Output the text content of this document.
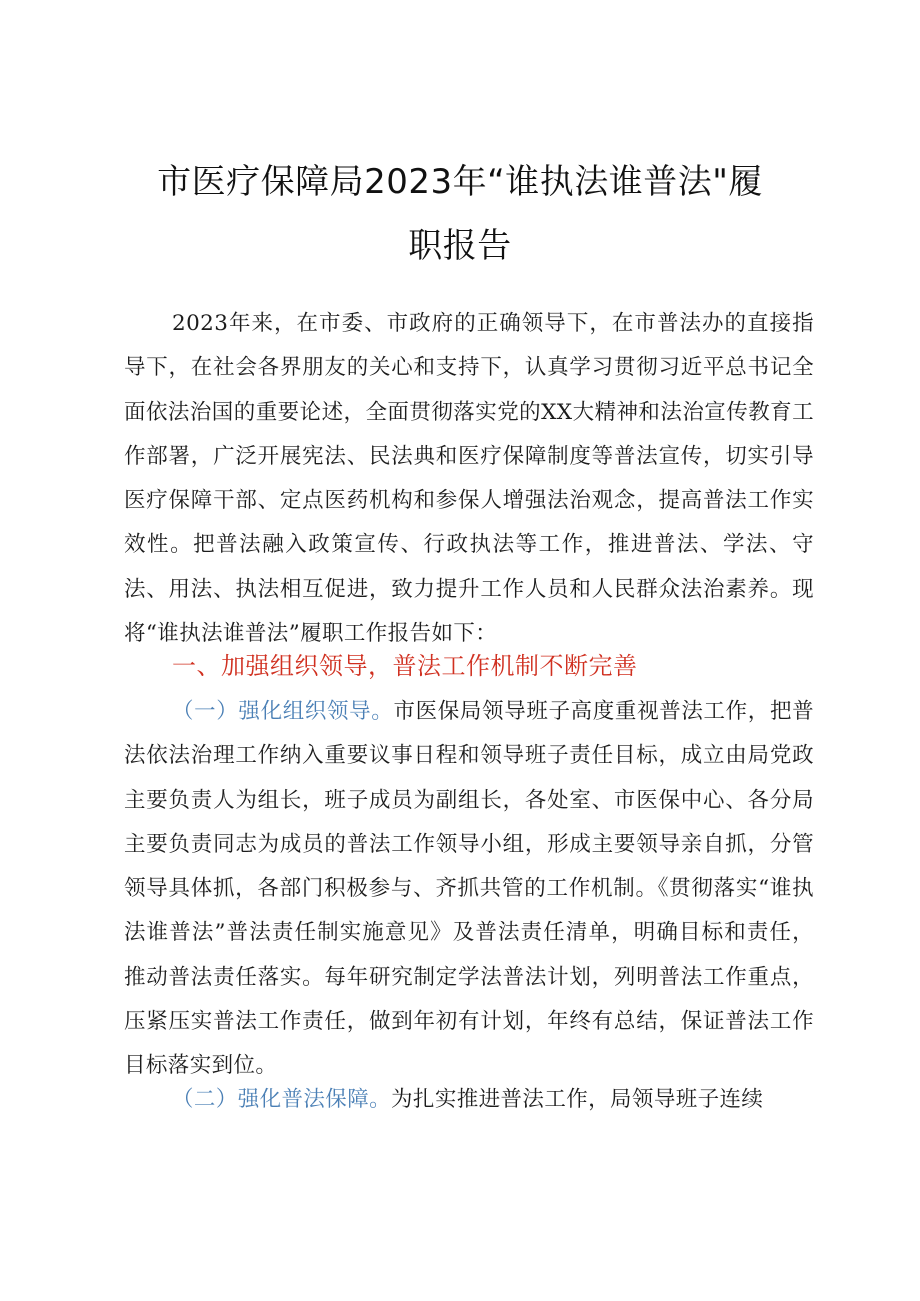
市医疗保障局2023年“谁执法谁普法"履
职报告

2023年来，在市委、市政府的正确领导下，在市普法办的直接指导下，在社会各界朋友的关心和支持下，认真学习贯彻习近平总书记全面依法治国的重要论述，全面贯彻落实党的XX大精神和法治宣传教育工作部署，广泛开展宪法、民法典和医疗保障制度等普法宣传，切实引导医疗保障干部、定点医药机构和参保人增强法治观念，提高普法工作实效性。把普法融入政策宣传、行政执法等工作，推进普法、学法、守法、用法、执法相互促进，致力提升工作人员和人民群众法治素养。现将“谁执法谁普法”履职工作报告如下：

一、加强组织领导，普法工作机制不断完善

（一）强化组织领导。市医保局领导班子高度重视普法工作，把普法依法治理工作纳入重要议事日程和领导班子责任目标，成立由局党政主要负责人为组长，班子成员为副组长，各处室、市医保中心、各分局主要负责同志为成员的普法工作领导小组，形成主要领导亲自抓，分管领导具体抓，各部门积极参与、齐抓共管的工作机制。《贯彻落实“谁执法谁普法”普法责任制实施意见》及普法责任清单，明确目标和责任，推动普法责任落实。每年研究制定学法普法计划，列明普法工作重点，压紧压实普法工作责任，做到年初有计划，年终有总结，保证普法工作目标落实到位。

（二）强化普法保障。为扎实推进普法工作，局领导班子连续
